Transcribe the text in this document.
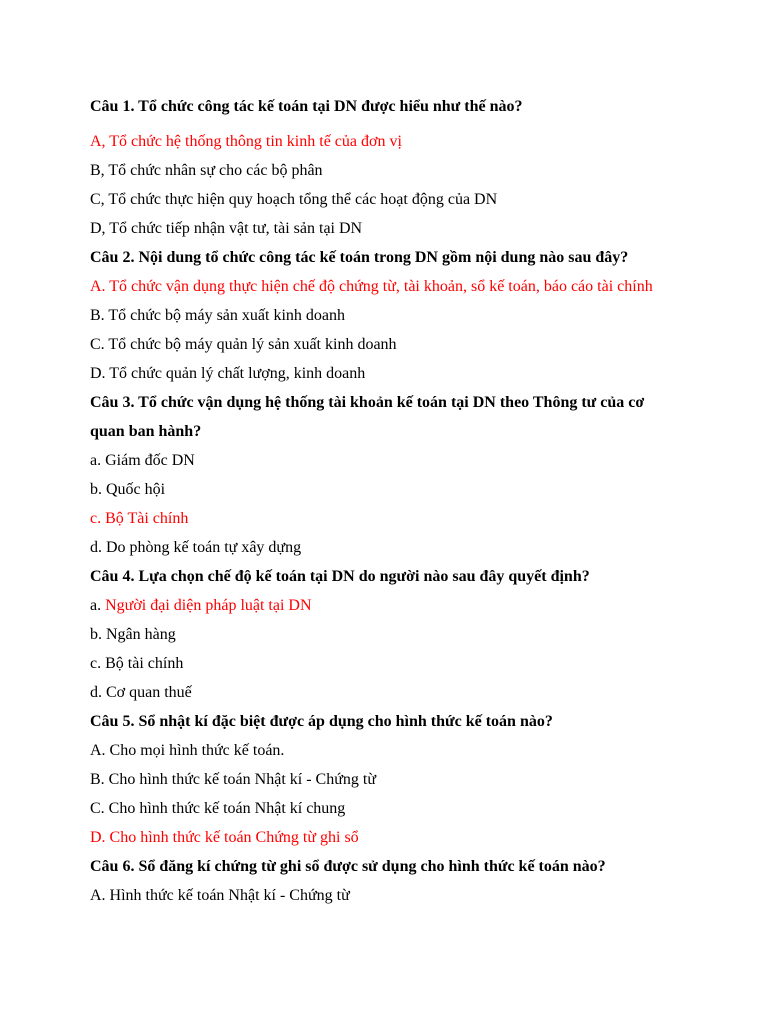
Câu 1. Tổ chức công tác kế toán tại DN được hiểu như thế nào?
A, Tổ chức hệ thống thông tin kinh tế của đơn vị
B, Tổ chức nhân sự cho các bộ phân
C, Tổ chức thực hiện quy hoạch tổng thể các hoạt động của DN
D, Tổ chức tiếp nhận vật tư, tài sản tại DN
Câu 2. Nội dung tổ chức công tác kế toán trong DN gồm nội dung nào sau đây?
A. Tổ chức vận dụng thực hiện chế độ chứng từ, tài khoản, sổ kế toán, báo cáo tài chính
B. Tổ chức bộ máy sản xuất kinh doanh
C. Tổ chức bộ máy quản lý sản xuất kinh doanh
D. Tổ chức quản lý chất lượng, kinh doanh
Câu 3. Tổ chức vận dụng hệ thống tài khoản kế toán tại DN theo Thông tư của cơ quan ban hành?
a. Giám đốc DN
b. Quốc hội
c. Bộ Tài chính
d. Do phòng kế toán tự xây dựng
Câu 4. Lựa chọn chế độ kế toán tại DN do người nào sau đây quyết định?
a. Người đại diện pháp luật tại DN
b. Ngân hàng
c. Bộ tài chính
d. Cơ quan thuế
Câu 5. Sổ nhật kí đặc biệt được áp dụng cho hình thức kế toán nào?
A. Cho mọi hình thức kế toán.
B. Cho hình thức kế toán Nhật kí - Chứng từ
C. Cho hình thức kế toán Nhật kí chung
D. Cho hình thức kế toán Chứng từ ghi sổ
Câu 6. Sổ đăng kí chứng từ ghi sổ được sử dụng cho hình thức kế toán nào?
A. Hình thức kế toán Nhật kí - Chứng từ
